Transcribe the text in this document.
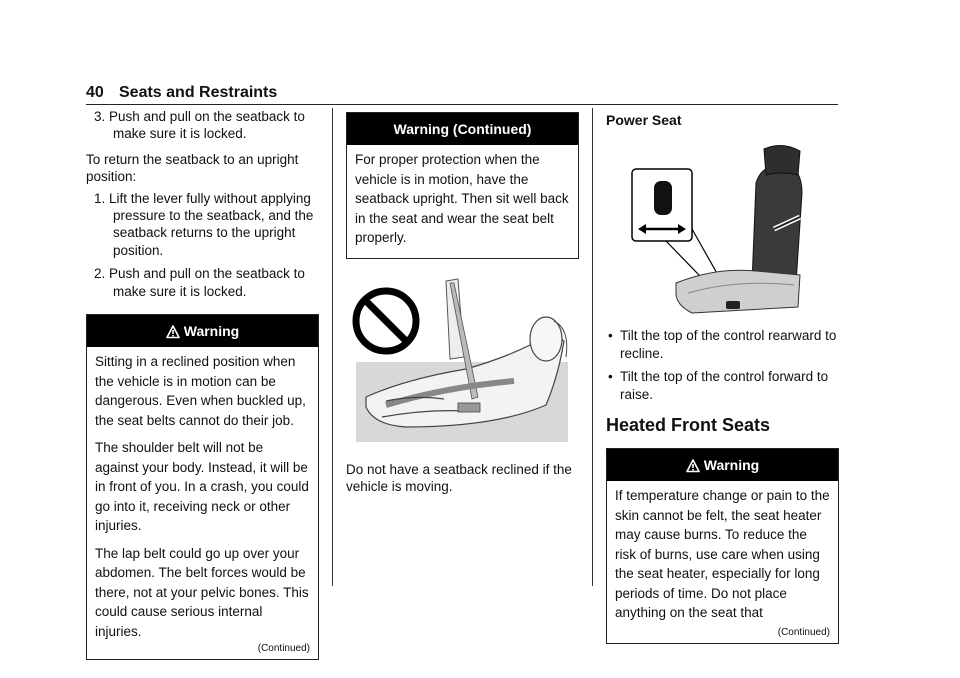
40 Seats and Restraints

3. Push and pull on the seatback to make sure it is locked.

To return the seatback to an upright position:

1. Lift the lever fully without applying pressure to the seatback, and the seatback returns to the upright position.

2. Push and pull on the seatback to make sure it is locked.

Warning

Sitting in a reclined position when the vehicle is in motion can be dangerous. Even when buckled up, the seat belts cannot do their job.

The shoulder belt will not be against your body. Instead, it will be in front of you. In a crash, you could go into it, receiving neck or other injuries.

The lap belt could go up over your abdomen. The belt forces would be there, not at your pelvic bones. This could cause serious internal injuries.

(Continued)
Warning (Continued)
For proper protection when the vehicle is in motion, have the seatback upright. Then sit well back in the seat and wear the seat belt properly.

Do not have a seatback reclined if the vehicle is moving.

Power Seat

• Tilt the top of the control rearward to recline.

• Tilt the top of the control forward to raise.

Heated Front Seats
Warning

If temperature change or pain to the skin cannot be felt, the seat heater may cause burns. To reduce the risk of burns, use care when using the seat heater, especially for long periods of time. Do not place anything on the seat that

(Continued)
